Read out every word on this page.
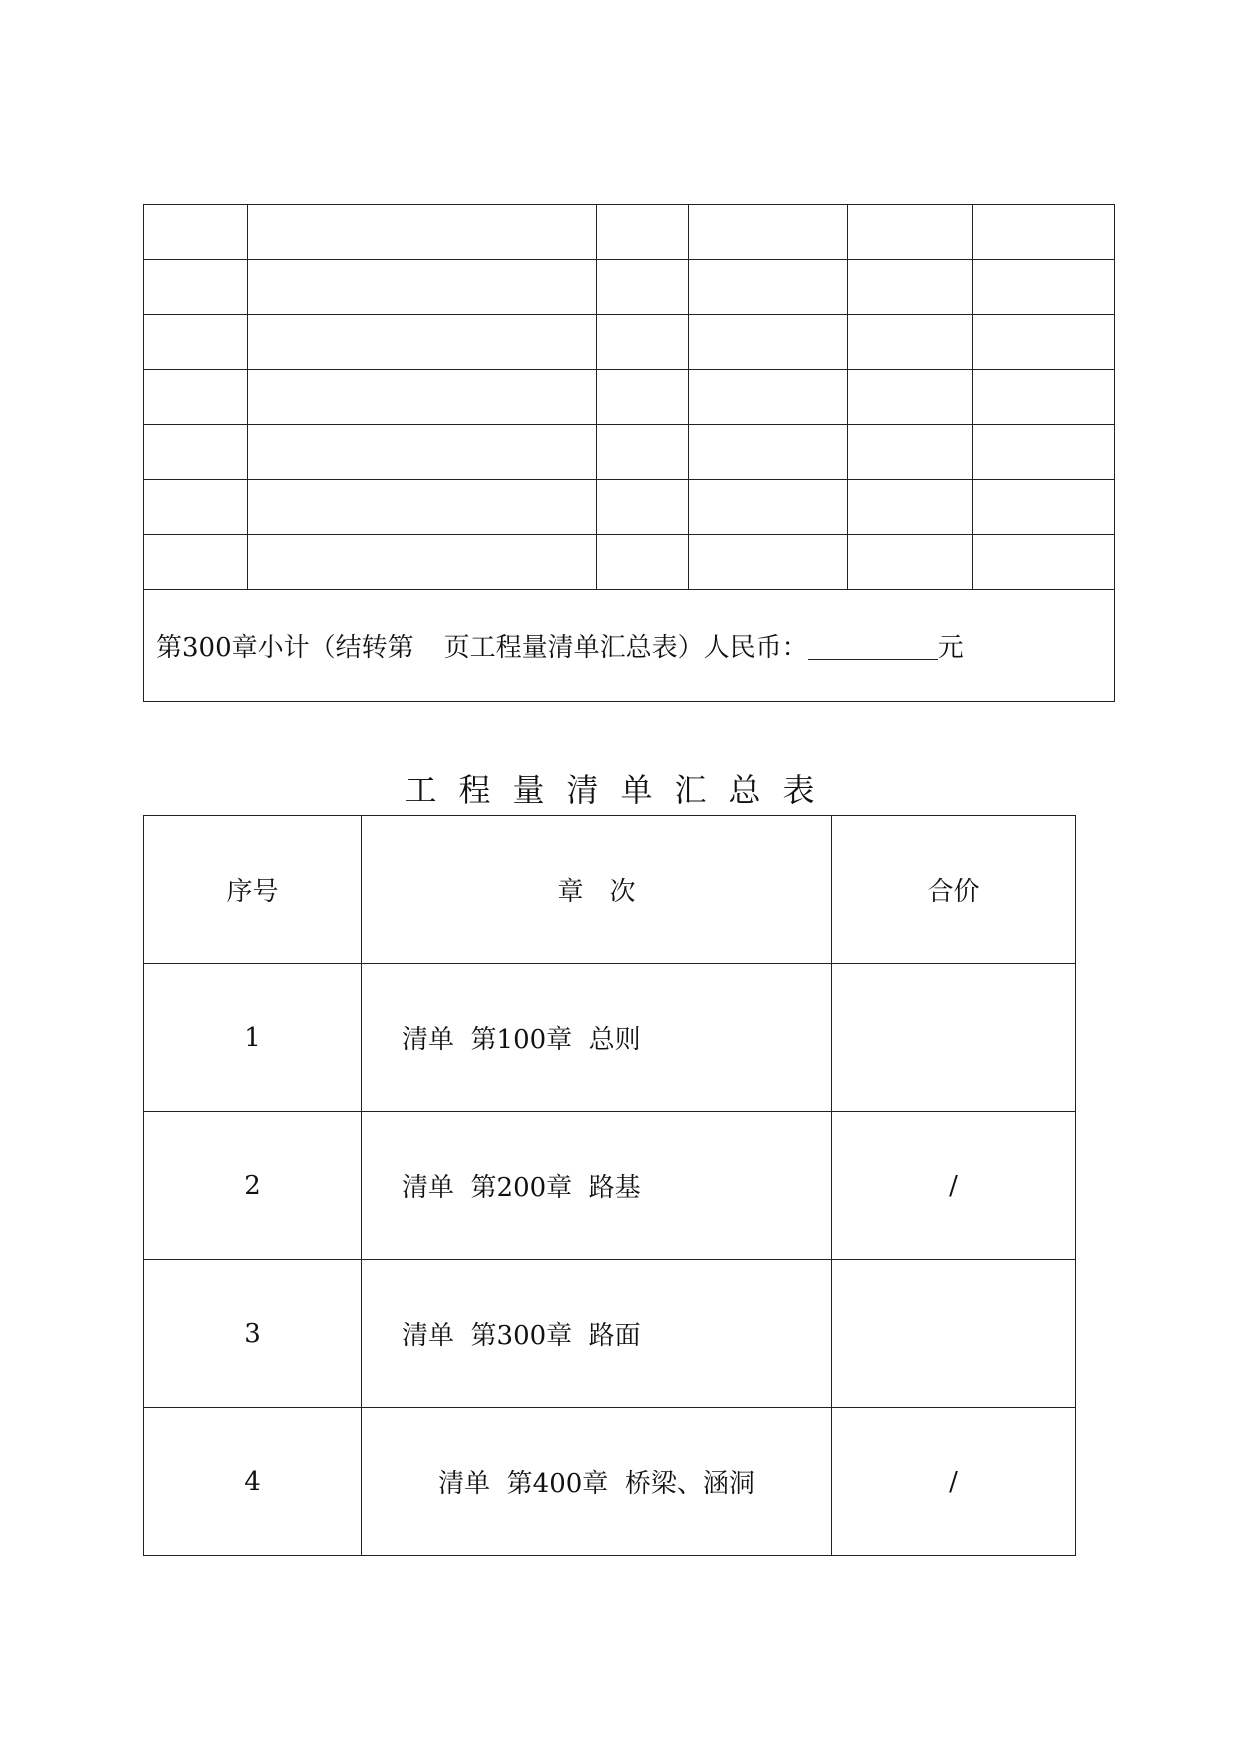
第300章小计（结转第 页工程量清单汇总表）人民币： 元					
工程量清单汇总表
序号	章　次	合价
1	清单  第100章  总则	
2	清单  第200章  路基	/
3	清单  第300章  路面	
4	清单  第400章  桥梁、涵洞	/
